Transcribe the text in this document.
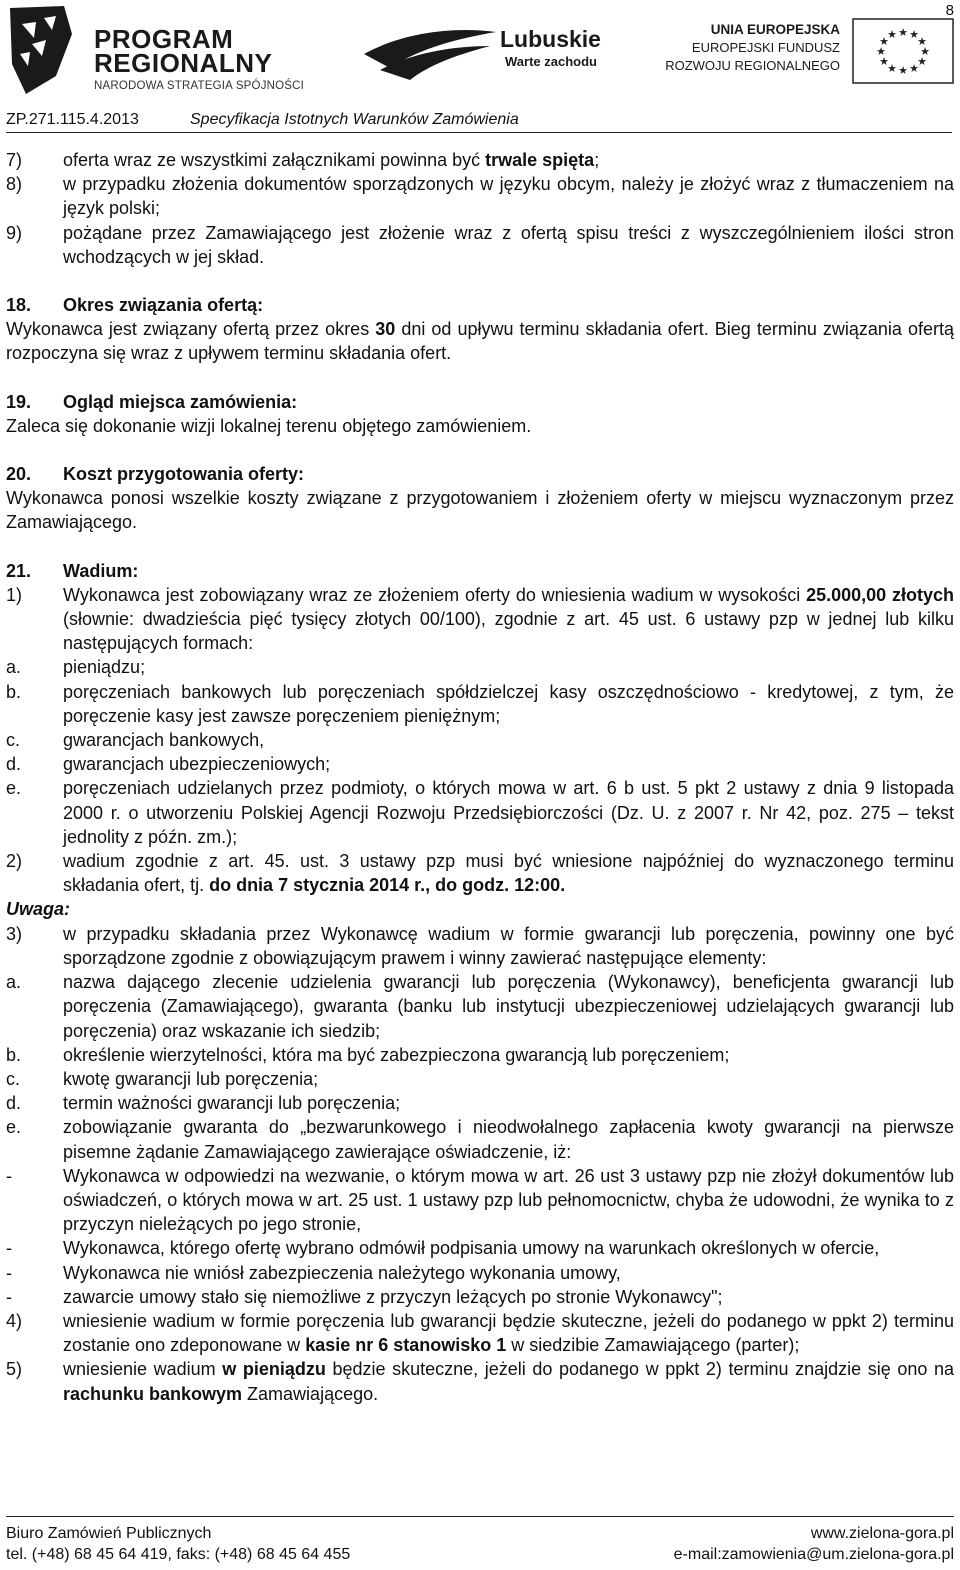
8
PROGRAM
REGIONALNY
NARODOWA STRATEGIA SPÓJNOŚCI
Lubuskie
Warte zachodu
UNIA EUROPEJSKA
EUROPEJSKI FUNDUSZ
ROZWOJU REGIONALNEGO
★ ★
★
★
★
★
★
★
★
★
★
★
ZP.271.115.4.2013	Specyfikacja Istotnych Warunków Zamówienia
7)	oferta wraz ze wszystkimi załącznikami powinna być trwale spięta;
8)	w przypadku złożenia dokumentów sporządzonych w języku obcym, należy je złożyć wraz z tłumaczeniem na język polski;
9)	pożądane przez Zamawiającego jest złożenie wraz z ofertą spisu treści z wyszczególnieniem ilości stron wchodzących w jej skład.
18.	Okres związania ofertą:
Wykonawca jest związany ofertą przez okres 30 dni od upływu terminu składania ofert. Bieg terminu związania ofertą rozpoczyna się wraz z upływem terminu składania ofert.
19.	Ogląd miejsca zamówienia:
Zaleca się dokonanie wizji lokalnej terenu objętego zamówieniem.
20.	Koszt przygotowania oferty:
Wykonawca ponosi wszelkie koszty związane z przygotowaniem i złożeniem oferty w miejscu wyznaczonym przez Zamawiającego.
21.	Wadium:
1)	Wykonawca jest zobowiązany wraz ze złożeniem oferty do wniesienia wadium w wysokości 25.000,00 złotych (słownie: dwadzieścia pięć tysięcy złotych 00/100), zgodnie z art. 45 ust. 6 ustawy pzp w jednej lub kilku następujących formach:
a.	pieniądzu;
b.	poręczeniach bankowych lub poręczeniach spółdzielczej kasy oszczędnościowo - kredytowej, z tym, że poręczenie kasy jest zawsze poręczeniem pieniężnym;
c.	gwarancjach bankowych,
d.	gwarancjach ubezpieczeniowych;
e.	poręczeniach udzielanych przez podmioty, o których mowa w art. 6 b ust. 5 pkt 2 ustawy z dnia 9 listopada 2000 r. o utworzeniu Polskiej Agencji Rozwoju Przedsiębiorczości (Dz. U. z 2007 r. Nr 42, poz. 275 – tekst jednolity z późn. zm.);
2)	wadium zgodnie z art. 45. ust. 3 ustawy pzp musi być wniesione najpóźniej do wyznaczonego terminu składania ofert, tj. do dnia 7 stycznia 2014 r., do godz. 12:00.
Uwaga:
3)	w przypadku składania przez Wykonawcę wadium w formie gwarancji lub poręczenia, powinny one być sporządzone zgodnie z obowiązującym prawem i winny zawierać następujące elementy:
a.	nazwa dającego zlecenie udzielenia gwarancji lub poręczenia (Wykonawcy), beneficjenta gwarancji lub poręczenia (Zamawiającego), gwaranta (banku lub instytucji ubezpieczeniowej udzielających gwarancji lub poręczenia) oraz wskazanie ich siedzib;
b.	określenie wierzytelności, która ma być zabezpieczona gwarancją lub poręczeniem;
c.	kwotę gwarancji lub poręczenia;
d.	termin ważności gwarancji lub poręczenia;
e.	zobowiązanie gwaranta do „bezwarunkowego i nieodwołalnego zapłacenia kwoty gwarancji na pierwsze pisemne żądanie Zamawiającego zawierające oświadczenie, iż:
-	Wykonawca w odpowiedzi na wezwanie, o którym mowa w art. 26 ust 3 ustawy pzp nie złożył dokumentów lub oświadczeń, o których mowa w art. 25 ust. 1 ustawy pzp lub pełnomocnictw, chyba że udowodni, że wynika to z przyczyn nieleżących po jego stronie,
-	Wykonawca, którego ofertę wybrano odmówił podpisania umowy na warunkach określonych w ofercie,
-	Wykonawca nie wniósł zabezpieczenia należytego wykonania umowy,
-	zawarcie umowy stało się niemożliwe z przyczyn leżących po stronie Wykonawcy";
4)	wniesienie wadium w formie poręczenia lub gwarancji będzie skuteczne, jeżeli do podanego w ppkt 2) terminu zostanie ono zdeponowane w kasie nr 6 stanowisko 1 w siedzibie Zamawiającego (parter);
5)	wniesienie wadium w pieniądzu będzie skuteczne, jeżeli do podanego w ppkt 2) terminu znajdzie się ono na rachunku bankowym Zamawiającego.
Biuro Zamówień Publicznych	www.zielona-gora.pl
tel. (+48) 68 45 64 419, faks: (+48) 68 45 64 455	e-mail:zamowienia@um.zielona-gora.pl
